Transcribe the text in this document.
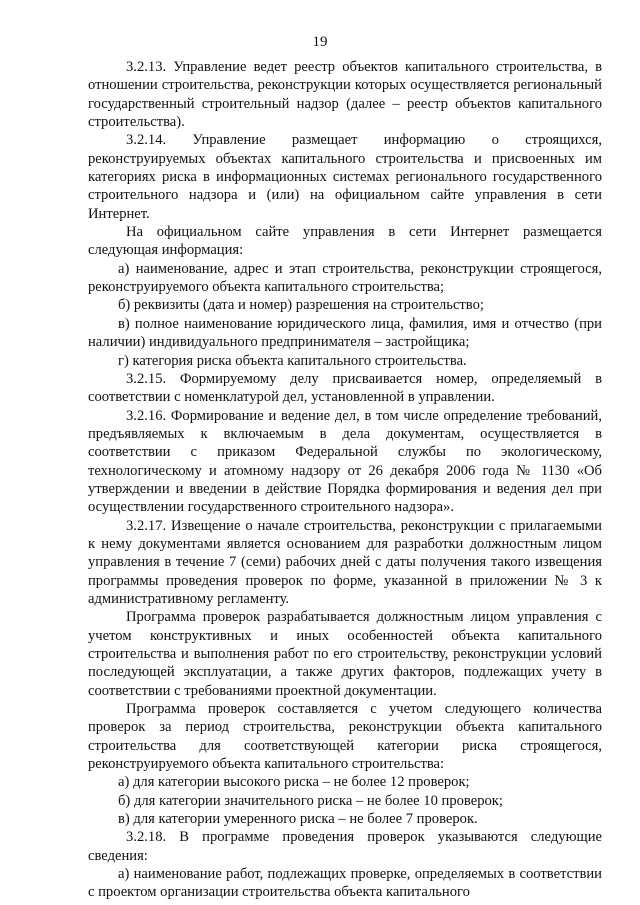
19

3.2.13. Управление ведет реестр объектов капитального строительства, в отношении строительства, реконструкции которых осуществляется региональный государственный строительный надзор (далее – реестр объектов капитального строительства).

3.2.14. Управление размещает информацию о строящихся, реконструируемых объектах капитального строительства и присвоенных им категориях риска в информационных системах регионального государственного строительного надзора и (или) на официальном сайте управления в сети Интернет.

На официальном сайте управления в сети Интернет размещается следующая информация:

а) наименование, адрес и этап строительства, реконструкции строящегося, реконструируемого объекта капитального строительства;

б) реквизиты (дата и номер) разрешения на строительство;

в) полное наименование юридического лица, фамилия, имя и отчество (при наличии) индивидуального предпринимателя – застройщика;

г) категория риска объекта капитального строительства.

3.2.15. Формируемому делу присваивается номер, определяемый в соответствии с номенклатурой дел, установленной в управлении.

3.2.16. Формирование и ведение дел, в том числе определение требований, предъявляемых к включаемым в дела документам, осуществляется в соответствии с приказом Федеральной службы по экологическому, технологическому и атомному надзору от 26 декабря 2006 года № 1130 «Об утверждении и введении в действие Порядка формирования и ведения дел при осуществлении государственного строительного надзора».

3.2.17. Извещение о начале строительства, реконструкции с прилагаемыми к нему документами является основанием для разработки должностным лицом управления в течение 7 (семи) рабочих дней с даты получения такого извещения программы проведения проверок по форме, указанной в приложении № 3 к административному регламенту.

Программа проверок разрабатывается должностным лицом управления с учетом конструктивных и иных особенностей объекта капитального строительства и выполнения работ по его строительству, реконструкции условий последующей эксплуатации, а также других факторов, подлежащих учету в соответствии с требованиями проектной документации.

Программа проверок составляется с учетом следующего количества проверок за период строительства, реконструкции объекта капитального строительства для соответствующей категории риска строящегося, реконструируемого объекта капитального строительства:

а) для категории высокого риска – не более 12 проверок;

б) для категории значительного риска – не более 10 проверок;

в) для категории умеренного риска – не более 7 проверок.

3.2.18. В программе проведения проверок указываются следующие сведения:

а) наименование работ, подлежащих проверке, определяемых в соответствии с проектом организации строительства объекта капитального
